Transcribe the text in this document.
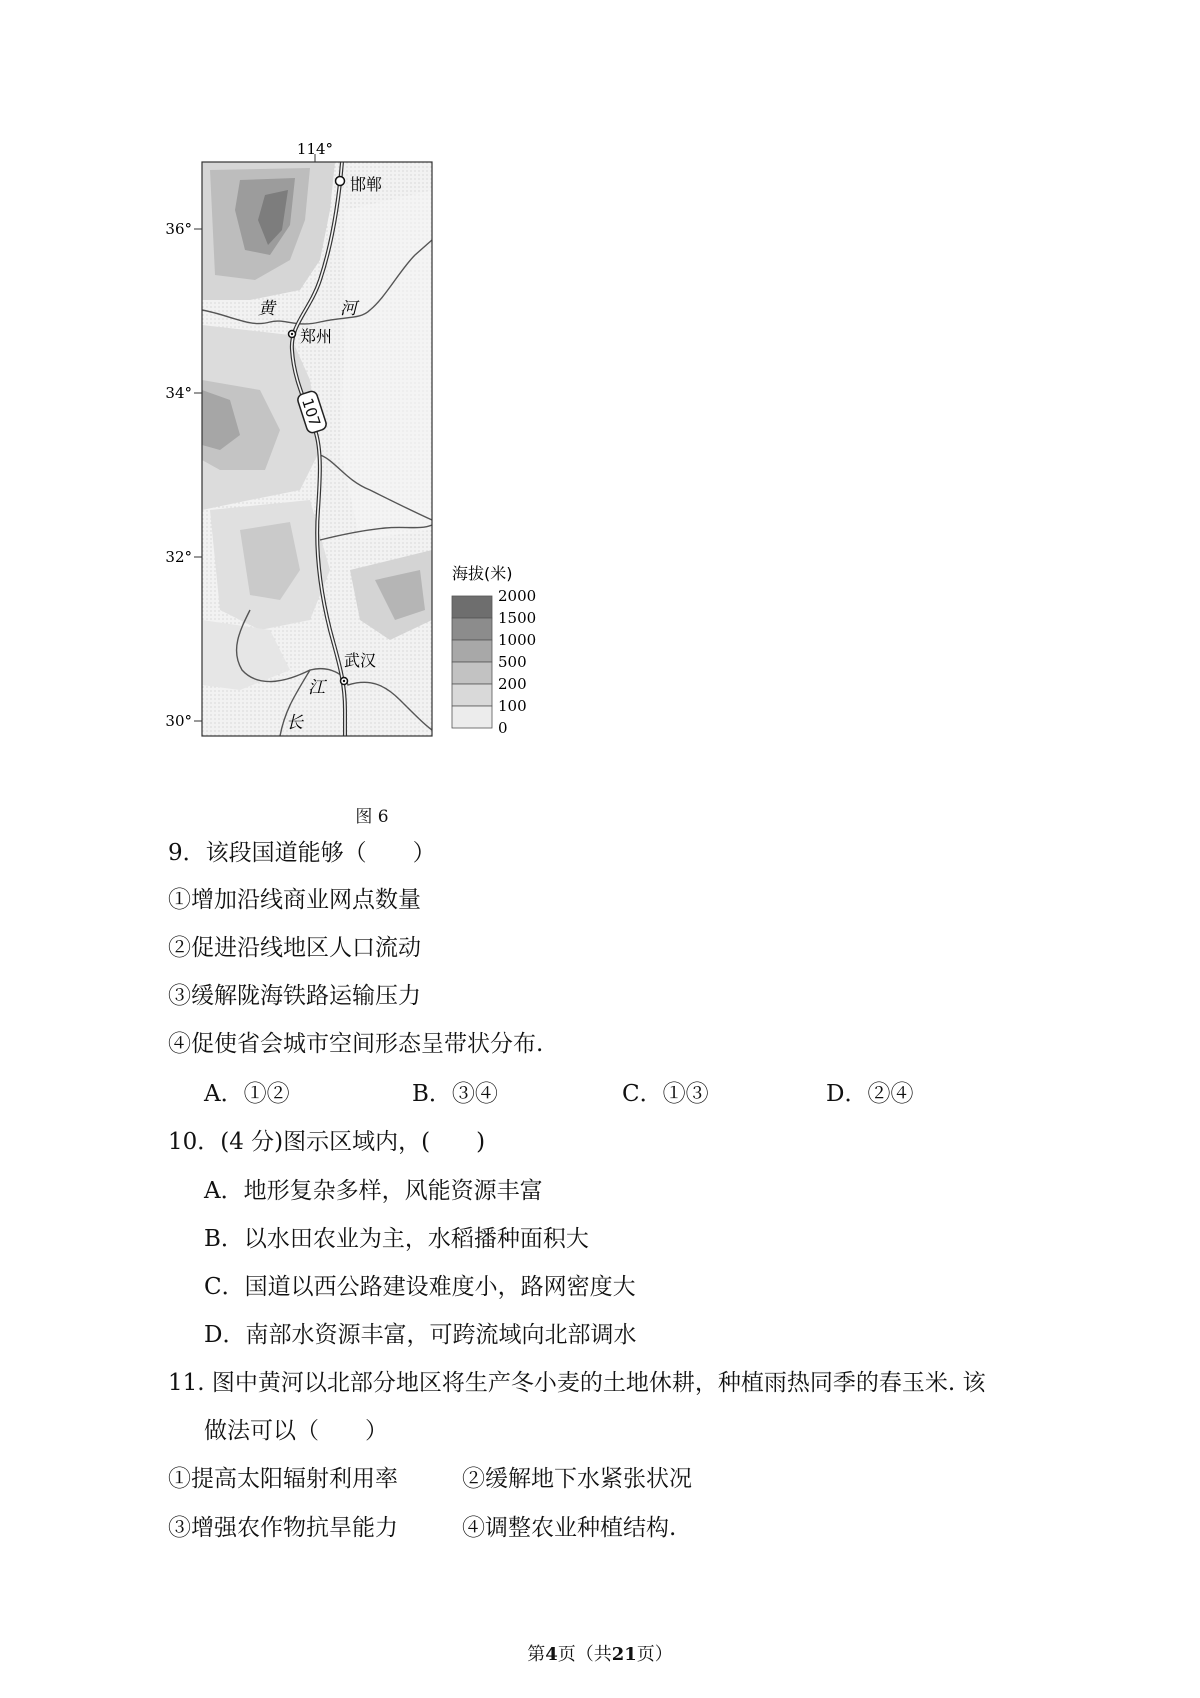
107
114°
36°
34°
32°
30°
邯郸
郑州
武汉
黄	河
江
长
海拔(米)
2000
1500
1000
500
200
100
0
图 6
9．该段国道能够（　　）
①增加沿线商业网点数量
②促进沿线地区人口流动
③缓解陇海铁路运输压力
④促使省会城市空间形态呈带状分布.
A．①②	B．③④	C．①③	D．②④
10．(4 分)图示区域内，(　　)
A．地形复杂多样，风能资源丰富
B．以水田农业为主，水稻播种面积大
C．国道以西公路建设难度小，路网密度大
D．南部水资源丰富，可跨流域向北部调水
11. 图中黄河以北部分地区将生产冬小麦的土地休耕，种植雨热同季的春玉米. 该
做法可以（　　）
①提高太阳辐射利用率	②缓解地下水紧张状况
③增强农作物抗旱能力	④调整农业种植结构.
第4页（共21页）
